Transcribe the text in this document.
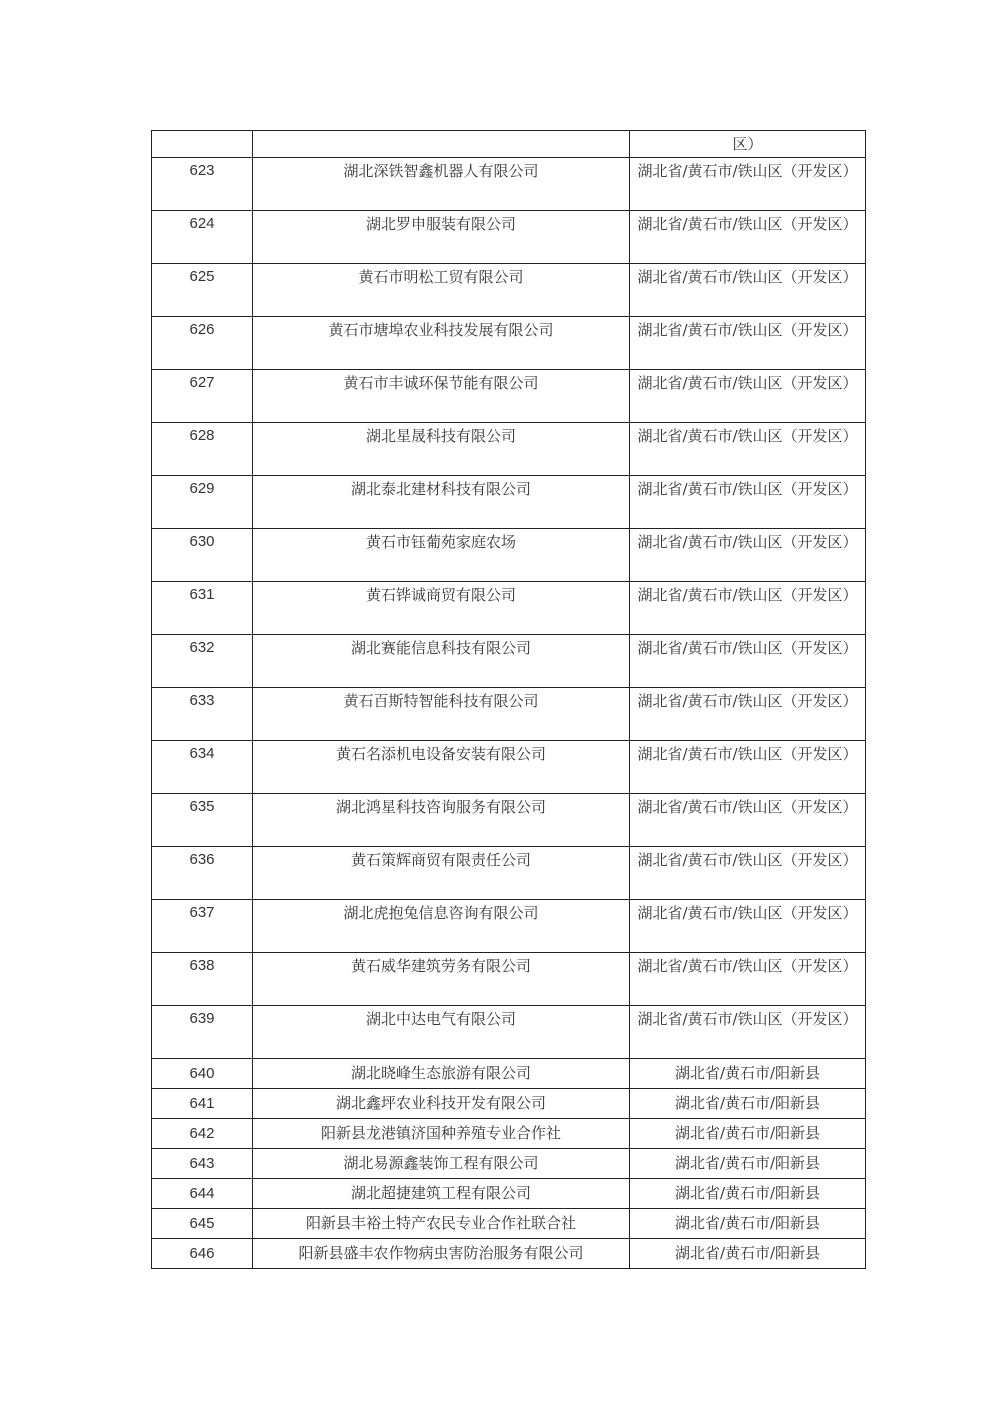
		区）
623	湖北深铁智鑫机器人有限公司	湖北省/黄石市/铁山区（开发区）
624	湖北罗申服装有限公司	湖北省/黄石市/铁山区（开发区）
625	黄石市明松工贸有限公司	湖北省/黄石市/铁山区（开发区）
626	黄石市塘埠农业科技发展有限公司	湖北省/黄石市/铁山区（开发区）
627	黄石市丰诚环保节能有限公司	湖北省/黄石市/铁山区（开发区）
628	湖北星晟科技有限公司	湖北省/黄石市/铁山区（开发区）
629	湖北泰北建材科技有限公司	湖北省/黄石市/铁山区（开发区）
630	黄石市钰葡苑家庭农场	湖北省/黄石市/铁山区（开发区）
631	黄石铧诚商贸有限公司	湖北省/黄石市/铁山区（开发区）
632	湖北赛能信息科技有限公司	湖北省/黄石市/铁山区（开发区）
633	黄石百斯特智能科技有限公司	湖北省/黄石市/铁山区（开发区）
634	黄石名添机电设备安装有限公司	湖北省/黄石市/铁山区（开发区）
635	湖北鸿星科技咨询服务有限公司	湖北省/黄石市/铁山区（开发区）
636	黄石策辉商贸有限责任公司	湖北省/黄石市/铁山区（开发区）
637	湖北虎抱兔信息咨询有限公司	湖北省/黄石市/铁山区（开发区）
638	黄石威华建筑劳务有限公司	湖北省/黄石市/铁山区（开发区）
639	湖北中达电气有限公司	湖北省/黄石市/铁山区（开发区）
640	湖北晓峰生态旅游有限公司	湖北省/黄石市/阳新县
641	湖北鑫坪农业科技开发有限公司	湖北省/黄石市/阳新县
642	阳新县龙港镇济国种养殖专业合作社	湖北省/黄石市/阳新县
643	湖北易源鑫装饰工程有限公司	湖北省/黄石市/阳新县
644	湖北超捷建筑工程有限公司	湖北省/黄石市/阳新县
645	阳新县丰裕土特产农民专业合作社联合社	湖北省/黄石市/阳新县
646	阳新县盛丰农作物病虫害防治服务有限公司	湖北省/黄石市/阳新县
